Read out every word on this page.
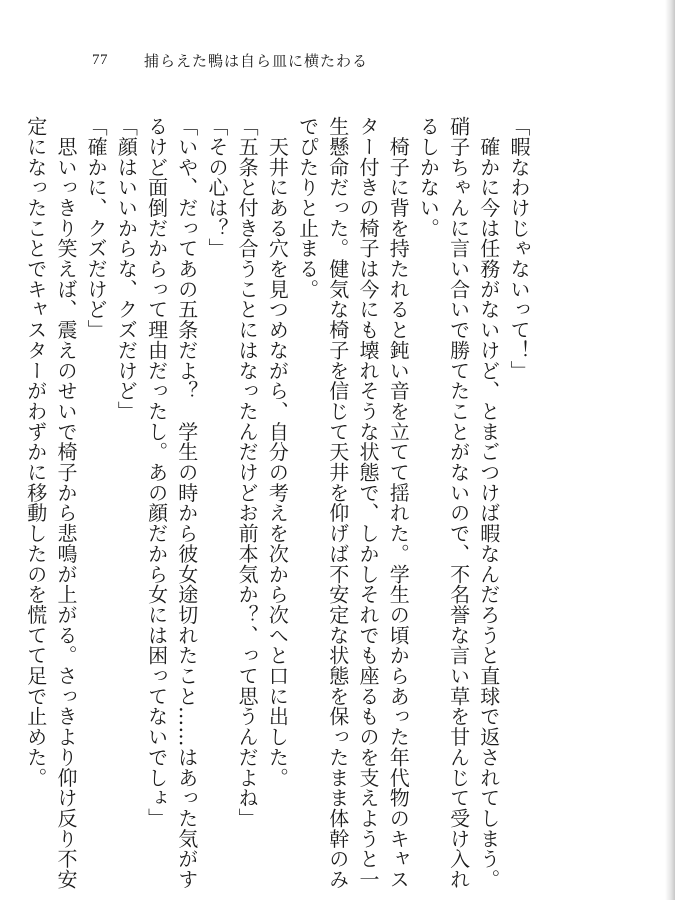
77	捕らえた鴨は自ら皿に横たわる
「暇なわけじゃないって！」
　確かに今は任務がないけど、とまごつけば暇なんだろうと直球で返されてしまう。
硝子ちゃんに言い合いで勝てたことがないので、不名誉な言い草を甘んじて受け入れ
るしかない。
　椅子に背を持たれると鈍い音を立てて揺れた。学生の頃からあった年代物のキャス
ター付きの椅子は今にも壊れそうな状態で、しかしそれでも座るものを支えようと一
生懸命だった。健気な椅子を信じて天井を仰げば不安定な状態を保ったまま体幹のみ
でぴたりと止まる。
　天井にある穴を見つめながら、自分の考えを次から次へと口に出した。
「五条と付き合うことにはなったんだけどお前本気か？、って思うんだよね」
「その心は？」
「いや、だってあの五条だよ？　学生の時から彼女途切れたこと……はあった気がす
るけど面倒だからって理由だったし。あの顔だから女には困ってないでしょ」
「顔はいいからな、クズだけど」
「確かに、クズだけど」
　思いっきり笑えば、震えのせいで椅子から悲鳴が上がる。さっきより仰け反り不安
定になったことでキャスターがわずかに移動したのを慌てて足で止めた。
